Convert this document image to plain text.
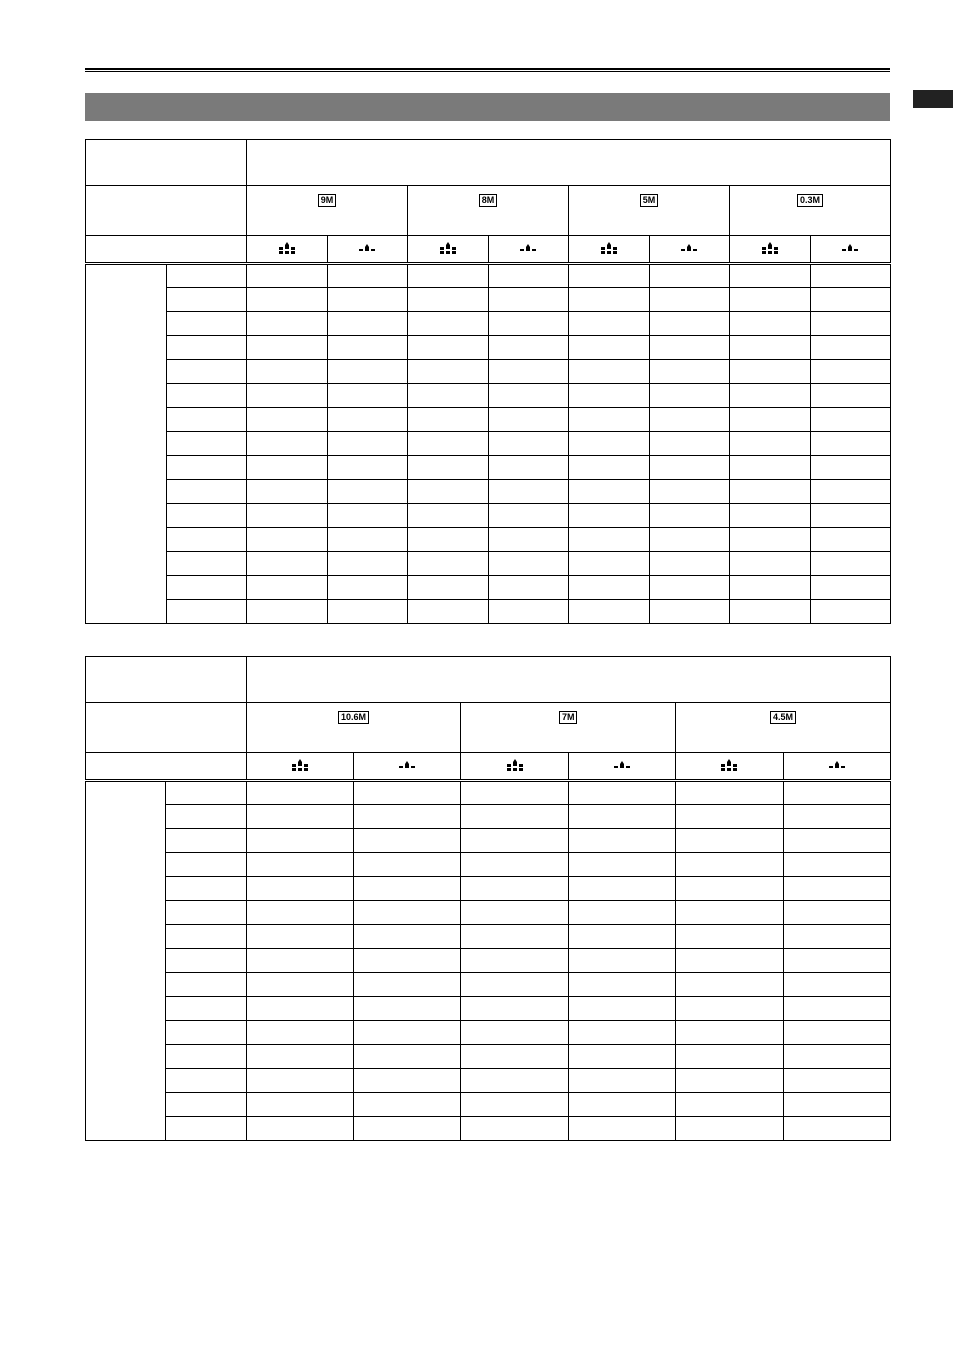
		9M		8M		5M		0.3M	

		10.6M		7M		4.5M	
